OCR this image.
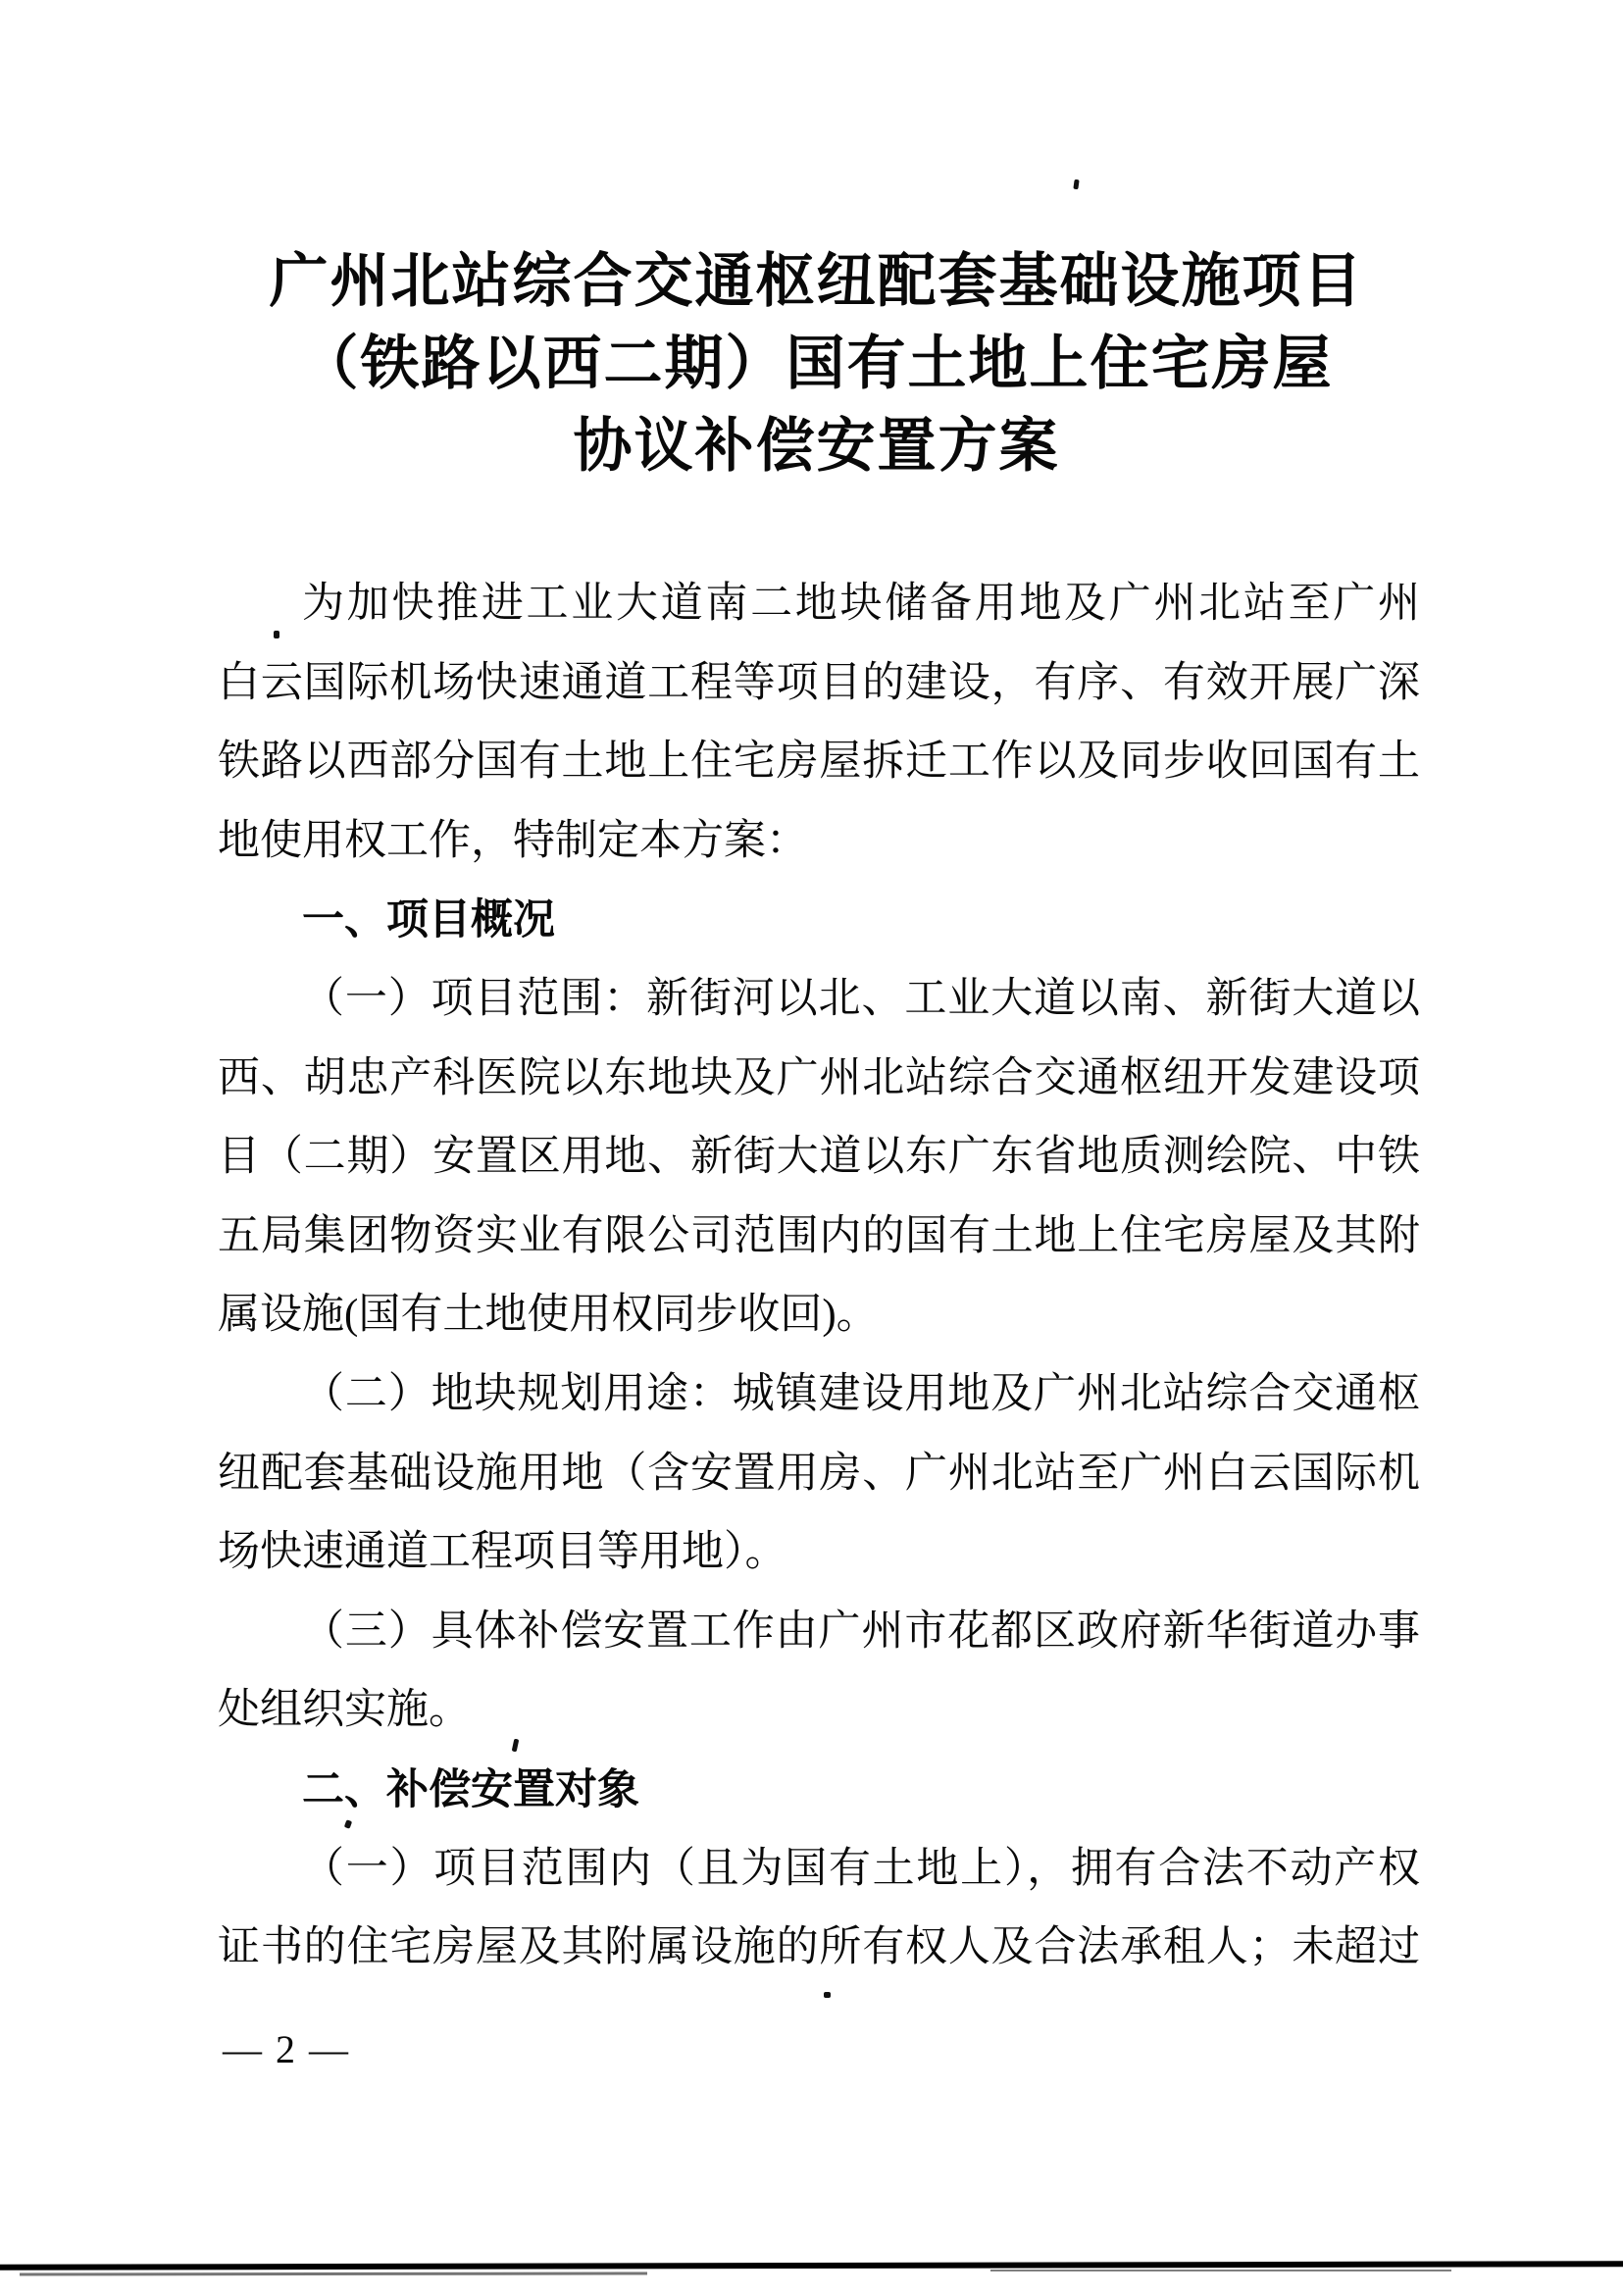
广州北站综合交通枢纽配套基础设施项目
（铁路以西二期）国有土地上住宅房屋
协议补偿安置方案
为加快推进工业大道南二地块储备用地及广州北站至广州
白云国际机场快速通道工程等项目的建设，有序、有效开展广深
铁路以西部分国有土地上住宅房屋拆迁工作以及同步收回国有土
地使用权工作，特制定本方案：
一、项目概况
（一）项目范围：新街河以北、工业大道以南、新街大道以
西、胡忠产科医院以东地块及广州北站综合交通枢纽开发建设项
目（二期）安置区用地、新街大道以东广东省地质测绘院、中铁
五局集团物资实业有限公司范围内的国有土地上住宅房屋及其附
属设施(国有土地使用权同步收回)。
（二）地块规划用途：城镇建设用地及广州北站综合交通枢
纽配套基础设施用地（含安置用房、广州北站至广州白云国际机
场快速通道工程项目等用地）。
（三）具体补偿安置工作由广州市花都区政府新华街道办事
处组织实施。
二、补偿安置对象
（一）项目范围内（且为国有土地上），拥有合法不动产权
证书的住宅房屋及其附属设施的所有权人及合法承租人；未超过
— 2 —
